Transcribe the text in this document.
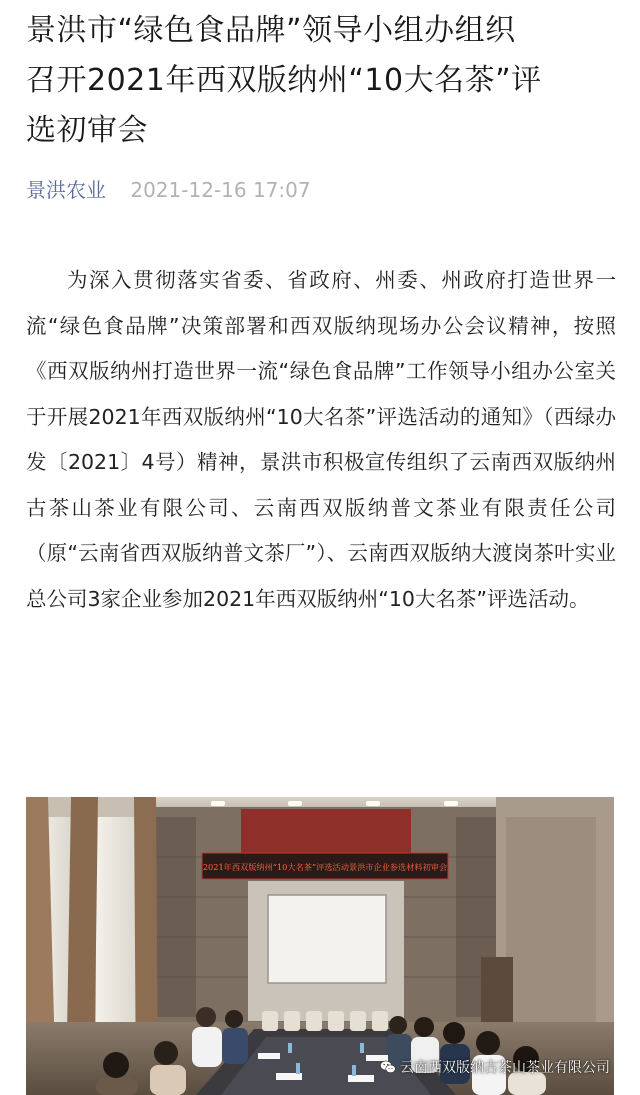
景洪市“绿色食品牌”领导小组办组织
召开2021年西双版纳州“10大名茶”评
选初审会
景洪农业 2021-12-16 17:07

为深入贯彻落实省委、省政府、州委、州政府打造世界一流“绿色食品牌”决策部署和西双版纳现场办公会议精神，按照《西双版纳州打造世界一流“绿色食品牌”工作领导小组办公室关于开展2021年西双版纳州“10大名茶”评选活动的通知》（西绿办发〔2021〕4号）精神，景洪市积极宣传组织了云南西双版纳州古茶山茶业有限公司、云南西双版纳普文茶业有限责任公司（原“云南省西双版纳普文茶厂”）、云南西双版纳大渡岗茶叶实业总公司3家企业参加2021年西双版纳州“10大名茶”评选活动。

2021年西双版纳州“10大名茶”评选活动景洪市企业参选材料初审会
云南西双版纳古茶山茶业有限公司
